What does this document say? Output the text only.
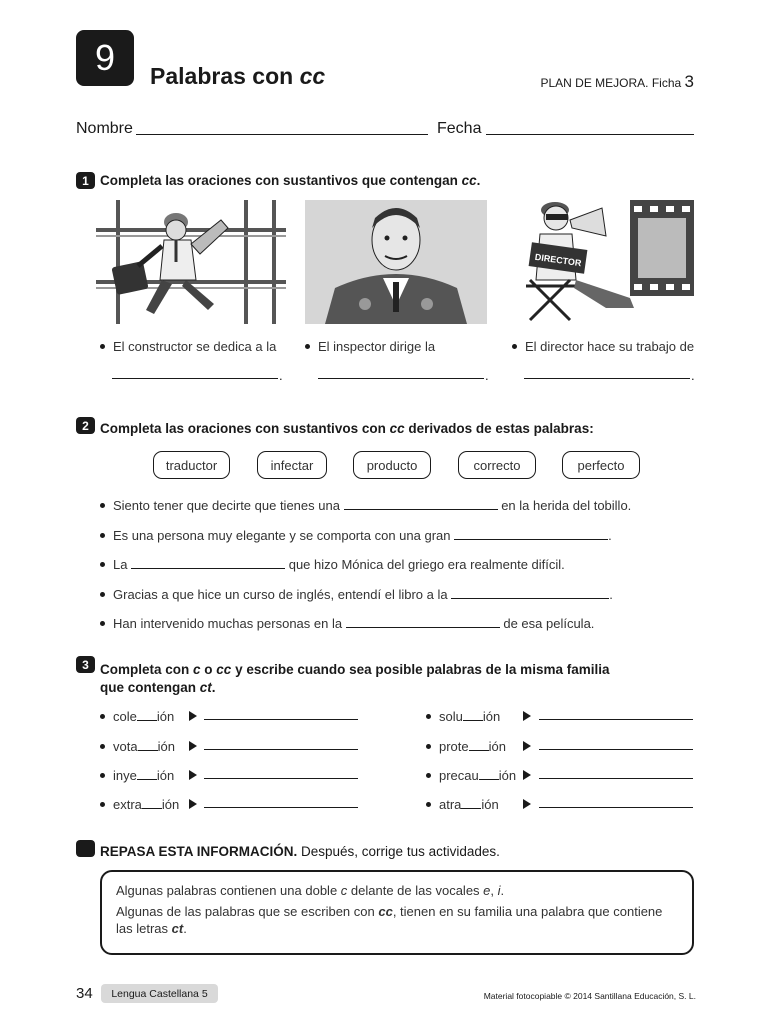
9 Palabras con cc	PLAN DE MEJORA. Ficha 3
Nombre	Fecha
1 Completa las oraciones con sustantivos que contengan cc.
DIRECTOR
El constructor se dedica a la	El inspector dirige la	El director hace su trabajo de
.	.	.
2 Completa las oraciones con sustantivos con cc derivados de estas palabras:
traductor	infectar	producto	correcto	perfecto
Siento tener que decirte que tienes una	en la herida del tobillo.
Es una persona muy elegante y se comporta con una gran	.
La	que hizo Mónica del griego era realmente difícil.
Gracias a que hice un curso de inglés, entendí el libro a la	.
Han intervenido muchas personas en la	de esa película.
3 Completa con c o cc y escribe cuando sea posible palabras de la misma familia
que contengan ct.
cole ión
vota ión
inye ión
extra ión
solu ión
prote ión
precau ión
atra ión
REPASA ESTA INFORMACIÓN. Después, corrige tus actividades.

Algunas palabras contienen una doble c delante de las vocales e, i.

Algunas de las palabras que se escriben con cc, tienen en su familia una palabra que contiene
las letras ct.

34 Lengua Castellana 5	Material fotocopiable © 2014 Santillana Educación, S. L.
